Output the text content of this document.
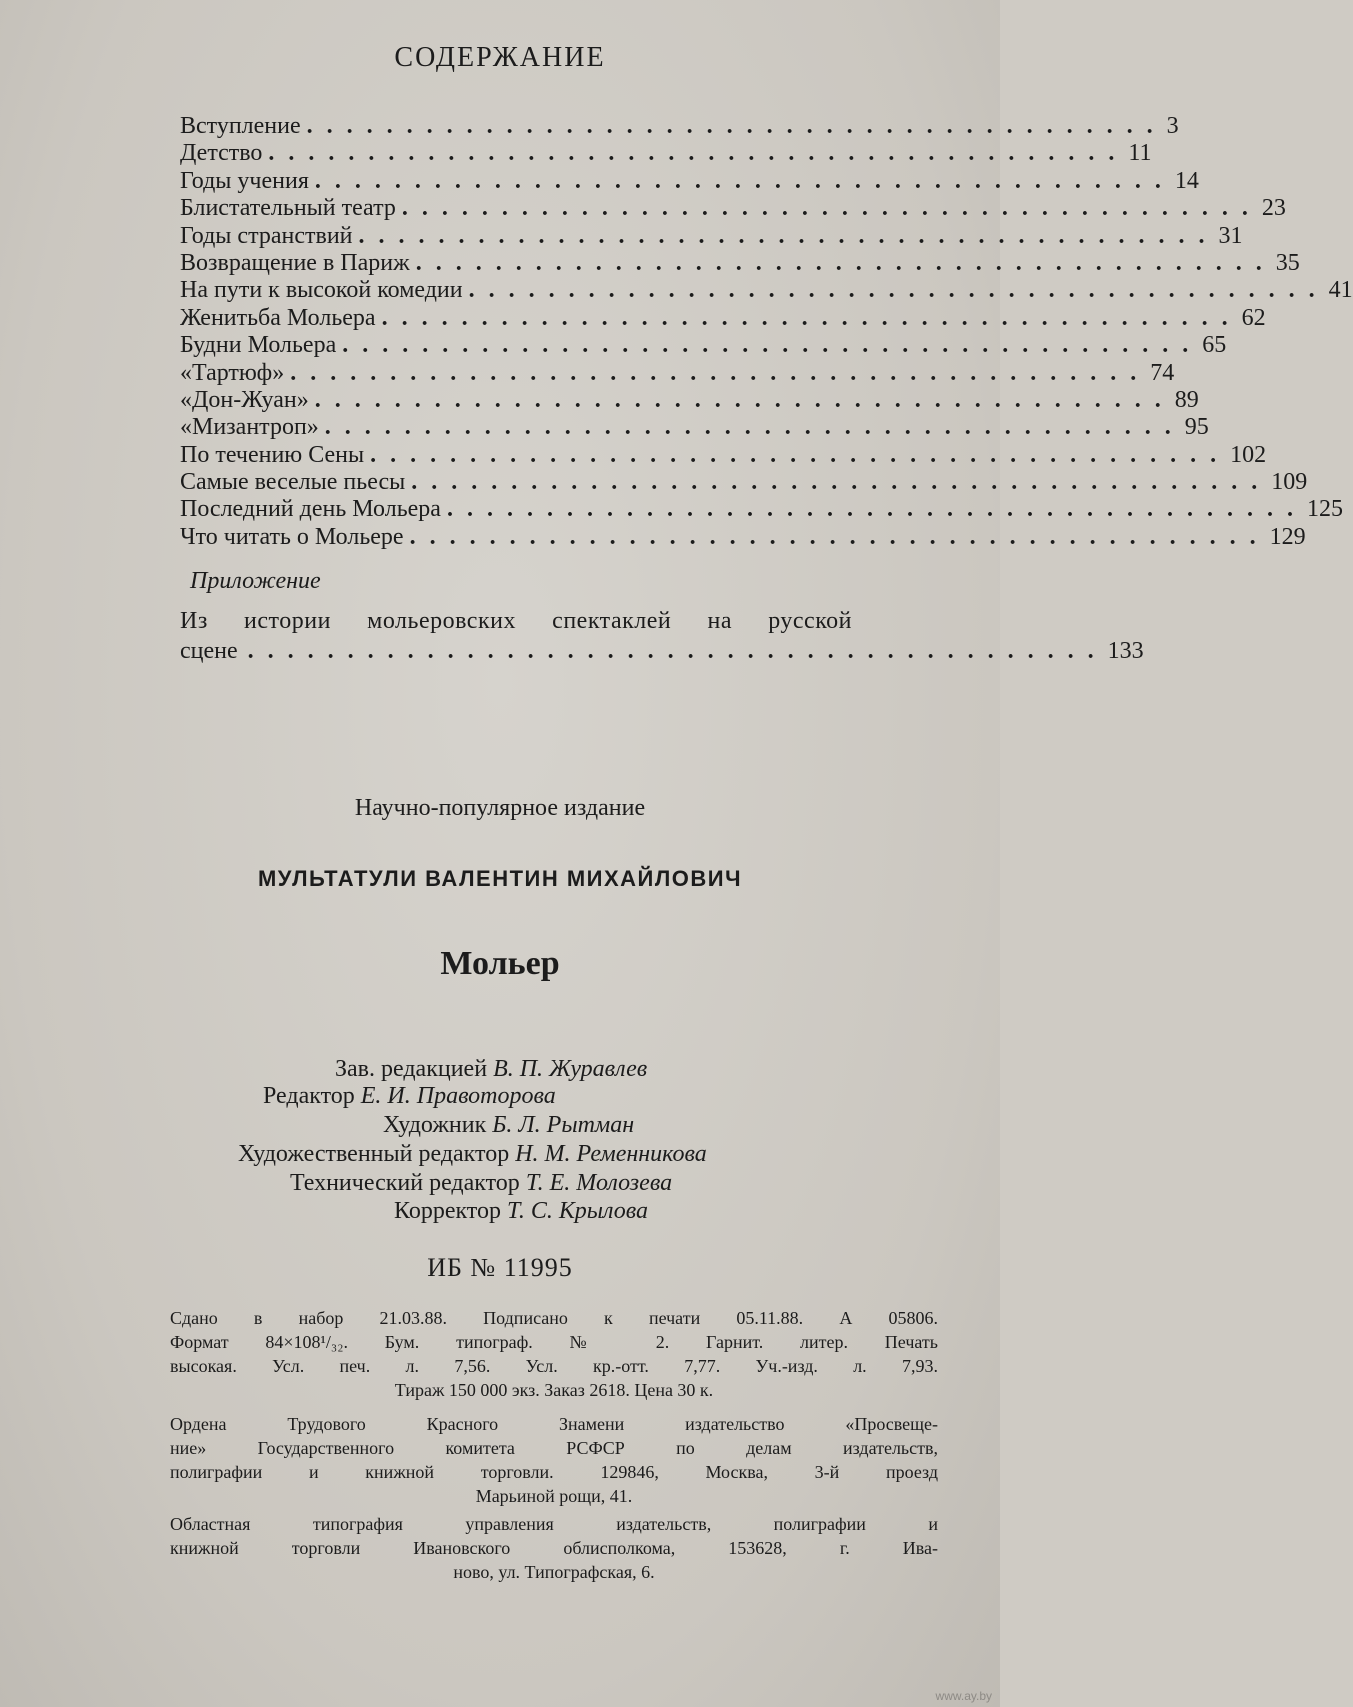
СОДЕРЖАНИЕ
Вступление ........................................... 3
Детство ........................................... 11
Годы учения ........................................... 14
Блистательный театр ........................................... 23
Годы странствий ........................................... 31
Возвращение в Париж ........................................... 35
На пути к высокой комедии ........................................... 41
Женитьба Мольера ........................................... 62
Будни Мольера ........................................... 65
«Тартюф» ........................................... 74
«Дон-Жуан» ........................................... 89
«Мизантроп» ........................................... 95
По течению Сены ........................................... 102
Самые веселые пьесы ........................................... 109
Последний день Мольера ........................................... 125
Что читать о Мольере ........................................... 129
Приложение
Из истории мольеровских спектаклей на русской
сцене ........................................... 133
Научно-популярное издание
МУЛЬТАТУЛИ ВАЛЕНТИН МИХАЙЛОВИЧ
Мольер
Зав. редакцией В. П. Журавлев
Редактор Е. И. Правоторова
Художник Б. Л. Рытман
Художественный редактор Н. М. Ременникова
Технический редактор Т. Е. Молозева
Корректор Т. С. Крылова
ИБ № 11995
Сдано в набор 21.03.88. Подписано к печати 05.11.88. А 05806.
Формат 84×108¹/₃₂. Бум. типограф. № 2. Гарнит. литер. Печать
высокая. Усл. печ. л. 7,56. Усл. кр.-отт. 7,77. Уч.-изд. л. 7,93.
Тираж 150 000 экз. Заказ 2618. Цена 30 к.
Ордена Трудового Красного Знамени издательство «Просвеще-
ние» Государственного комитета РСФСР по делам издательств,
полиграфии и книжной торговли. 129846, Москва, 3-й проезд
Марьиной рощи, 41.
Областная типография управления издательств, полиграфии и
книжной торговли Ивановского облисполкома, 153628, г. Ива-
ново, ул. Типографская, 6.
www.ay.by
